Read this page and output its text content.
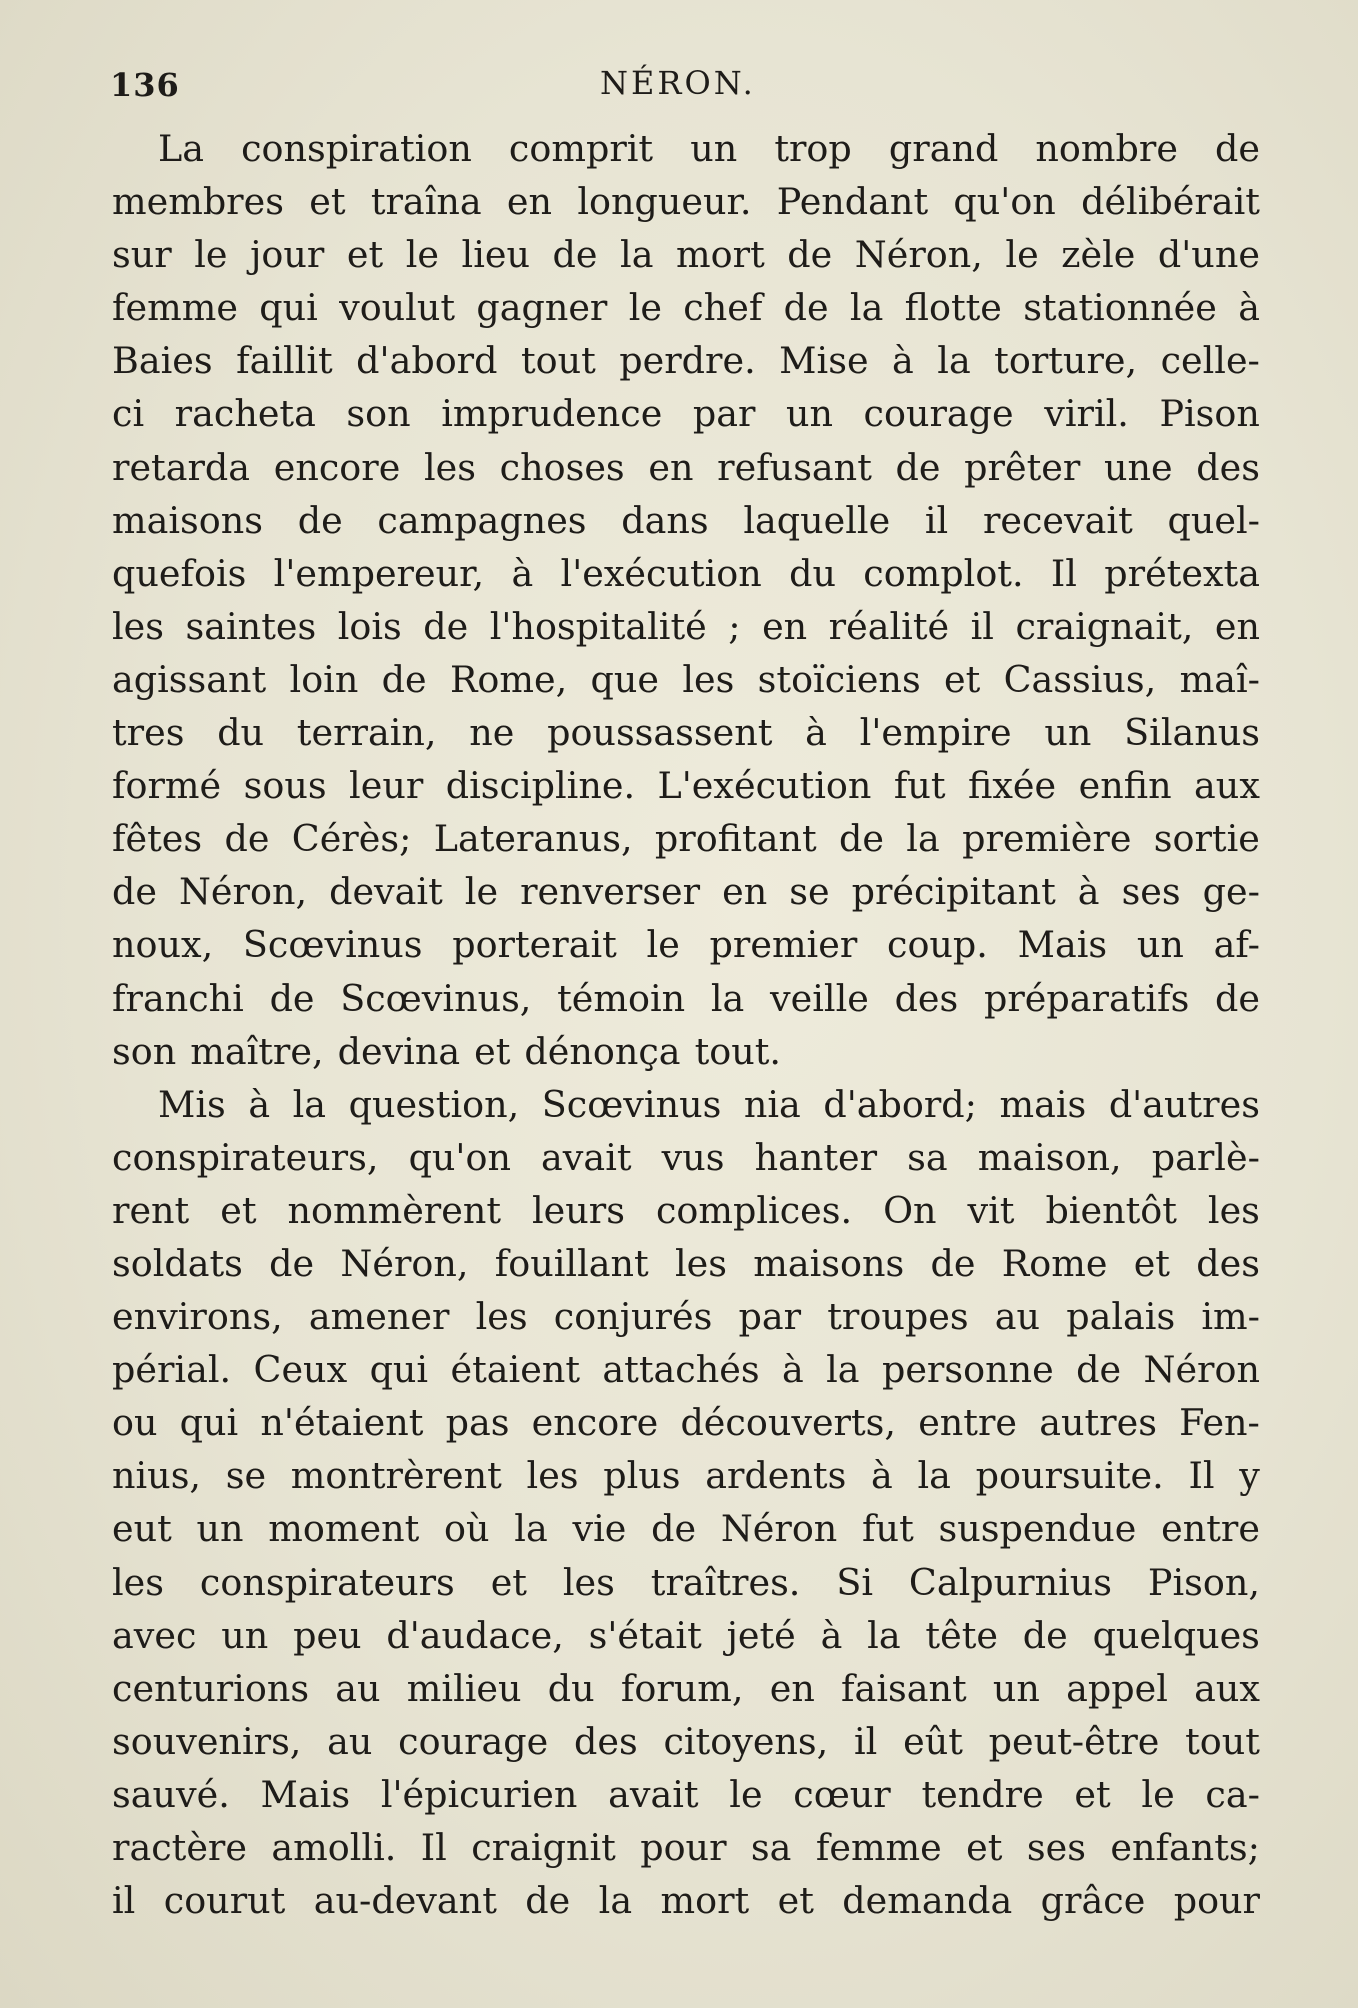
136	NÉRON.
La conspiration comprit un trop grand nombre de
membres et traîna en longueur. Pendant qu'on délibérait
sur le jour et le lieu de la mort de Néron, le zèle d'une
femme qui voulut gagner le chef de la flotte stationnée à
Baies faillit d'abord tout perdre. Mise à la torture, celle-
ci racheta son imprudence par un courage viril. Pison
retarda encore les choses en refusant de prêter une des
maisons de campagnes dans laquelle il recevait quel-
quefois l'empereur, à l'exécution du complot. Il prétexta
les saintes lois de l'hospitalité ; en réalité il craignait, en
agissant loin de Rome, que les stoïciens et Cassius, maî-
tres du terrain, ne poussassent à l'empire un Silanus
formé sous leur discipline. L'exécution fut fixée enfin aux
fêtes de Cérès; Lateranus, profitant de la première sortie
de Néron, devait le renverser en se précipitant à ses ge-
noux, Scœvinus porterait le premier coup. Mais un af-
franchi de Scœvinus, témoin la veille des préparatifs de
son maître, devina et dénonça tout.
Mis à la question, Scœvinus nia d'abord; mais d'autres
conspirateurs, qu'on avait vus hanter sa maison, parlè-
rent et nommèrent leurs complices. On vit bientôt les
soldats de Néron, fouillant les maisons de Rome et des
environs, amener les conjurés par troupes au palais im-
périal. Ceux qui étaient attachés à la personne de Néron
ou qui n'étaient pas encore découverts, entre autres Fen-
nius, se montrèrent les plus ardents à la poursuite. Il y
eut un moment où la vie de Néron fut suspendue entre
les conspirateurs et les traîtres. Si Calpurnius Pison,
avec un peu d'audace, s'était jeté à la tête de quelques
centurions au milieu du forum, en faisant un appel aux
souvenirs, au courage des citoyens, il eût peut-être tout
sauvé. Mais l'épicurien avait le cœur tendre et le ca-
ractère amolli. Il craignit pour sa femme et ses enfants;
il courut au-devant de la mort et demanda grâce pour
